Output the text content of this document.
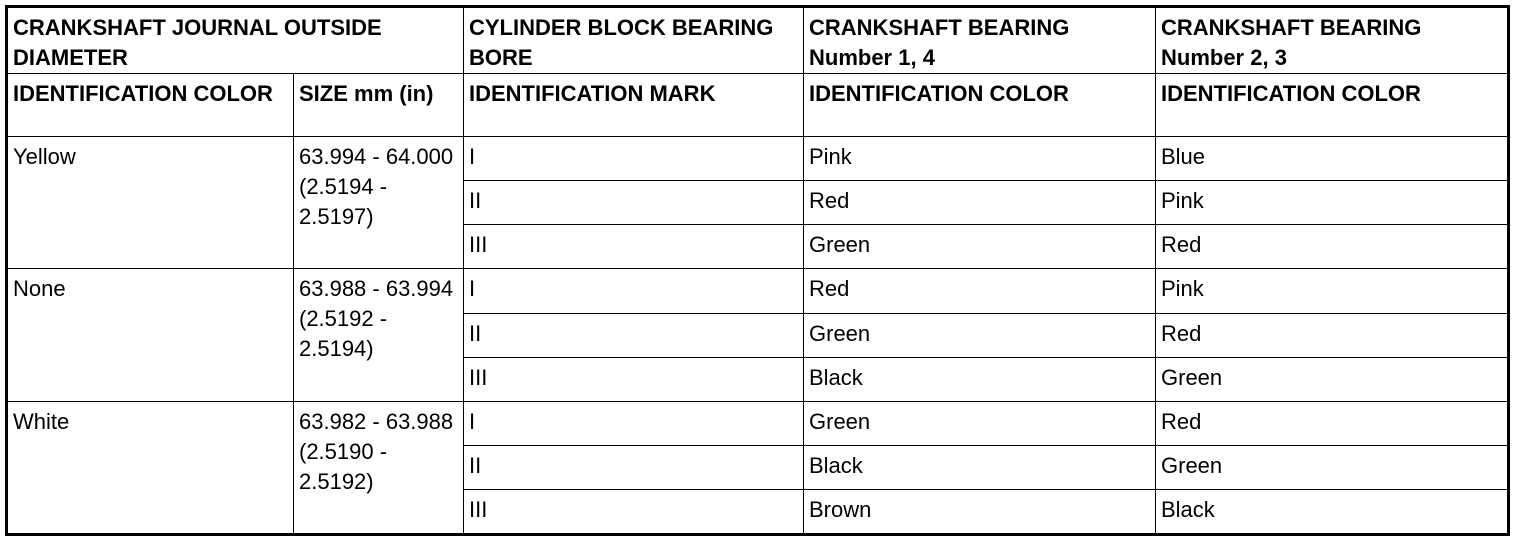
CRANKSHAFT JOURNAL OUTSIDE DIAMETER		CYLINDER BLOCK BEARING BORE	CRANKSHAFT BEARING Number 1, 4	CRANKSHAFT BEARING Number 2, 3
IDENTIFICATION COLOR	SIZE mm (in)	IDENTIFICATION MARK	IDENTIFICATION COLOR	IDENTIFICATION COLOR
Yellow	63.994 - 64.000 (2.5194 - 2.5197)	I	Pink	Blue
		II	Red	Pink
		III	Green	Red
None	63.988 - 63.994 (2.5192 - 2.5194)	I	Red	Pink
		II	Green	Red
		III	Black	Green
White	63.982 - 63.988 (2.5190 - 2.5192)	I	Green	Red
		II	Black	Green
		III	Brown	Black
